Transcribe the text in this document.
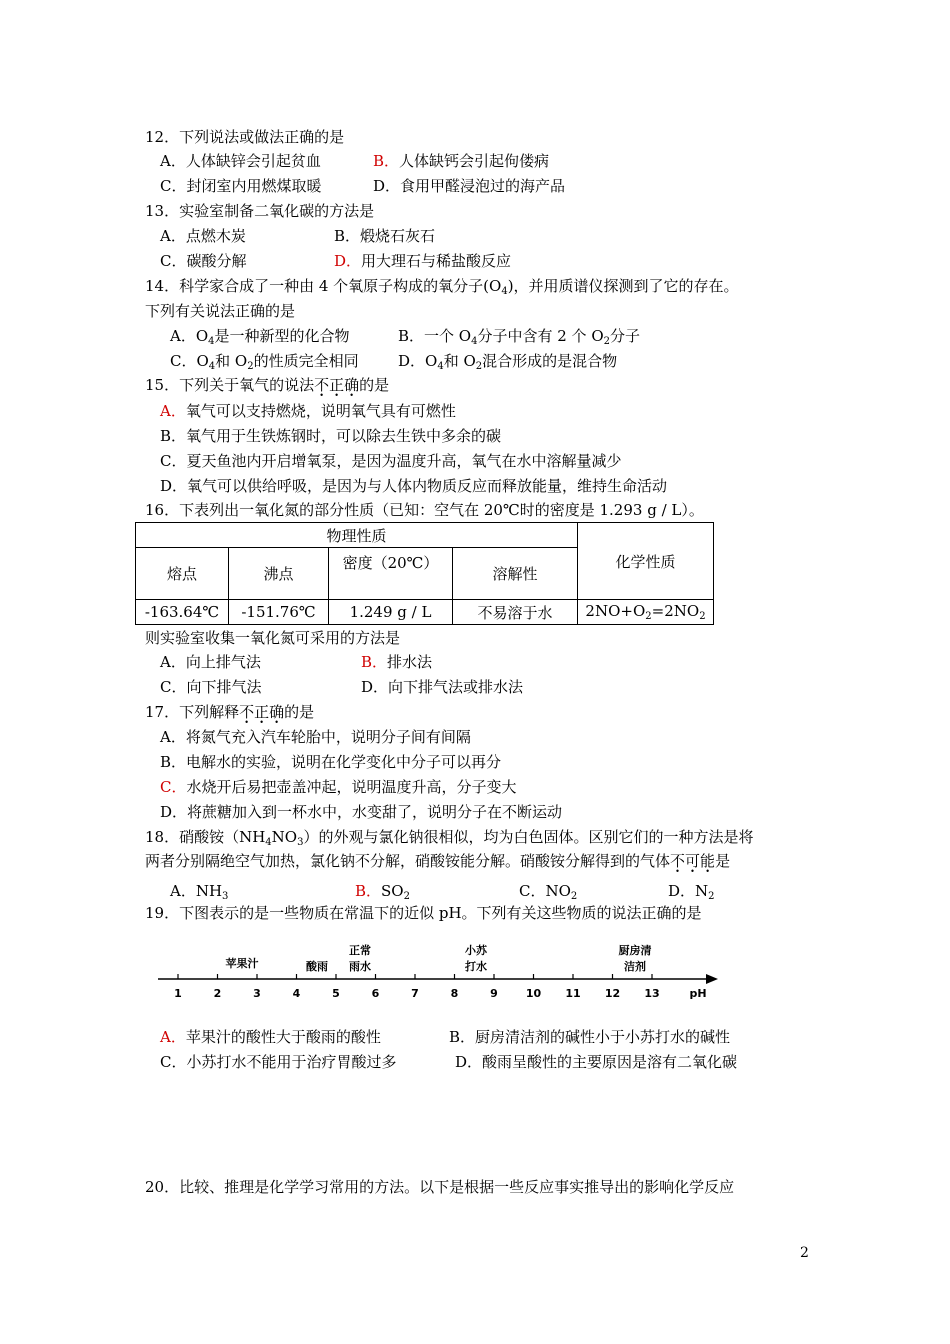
12．下列说法或做法正确的是
A．人体缺锌会引起贫血	B．人体缺钙会引起佝偻病
C．封闭室内用燃煤取暖	D．食用甲醛浸泡过的海产品
13．实验室制备二氧化碳的方法是
A．点燃木炭	B．煅烧石灰石
C．碳酸分解	D．用大理石与稀盐酸反应
14．科学家合成了一种由 4 个氧原子构成的氧分子$(O_4)$，并用质谱仪探测到了它的存在。
下列有关说法正确的是
A．$O_4$是一种新型的化合物	B．一个 $O_4$分子中含有 2 个 $O_2$分子
C．$O_4$和 $O_2$的性质完全相同	D．$O_4$和 $O_2$混合形成的是混合物
15．下列关于氧气的说法不正确的是
A．氧气可以支持燃烧，说明氧气具有可燃性
B．氧气用于生铁炼钢时，可以除去生铁中多余的碳
C．夏天鱼池内开启增氧泵，是因为温度升高，氧气在水中溶解量减少
D．氧气可以供给呼吸，是因为与人体内物质反应而释放能量，维持生命活动
16．下表列出一氧化氮的部分性质（已知：空气在 20℃时的密度是 1.293 g / L）。
物理性质				化学性质
熔点	沸点	密度（20℃）	溶解性	
-163.64℃	-151.76℃	1.249 g / L	不易溶于水	$2NO+O_2=2NO_2$
则实验室收集一氧化氮可采用的方法是
A．向上排气法	B．排水法
C．向下排气法	D．向下排气法或排水法
17．下列解释不正确的是
A．将氮气充入汽车轮胎中，说明分子间有间隔
B．电解水的实验，说明在化学变化中分子可以再分
C．水烧开后易把壶盖冲起，说明温度升高，分子变大
D．将蔗糖加入到一杯水中，水变甜了，说明分子在不断运动
18．硝酸铵$(NH_4NO_3)$的外观与氯化钠很相似，均为白色固体。区别它们的一种方法是将
两者分别隔绝空气加热，氯化钠不分解，硝酸铵能分解。硝酸铵分解得到的气体不可能是
A．$NH_3$	B．$SO_2$	C．$NO_2$	D．$N_2$
19．下图表示的是一些物质在常温下的近似 pH。下列有关这些物质的说法正确的是
1	2	3	4	5	6	7	8	9	10 11 12 13
苹果汁	酸雨
正常
雨水
小苏
打水
厨房清
洁剂
pH
A．苹果汁的酸性大于酸雨的酸性	B．厨房清洁剂的碱性小于小苏打水的碱性
C．小苏打水不能用于治疗胃酸过多	D．酸雨呈酸性的主要原因是溶有二氧化碳
20．比较、推理是化学学习常用的方法。以下是根据一些反应事实推导出的影响化学反应
2
